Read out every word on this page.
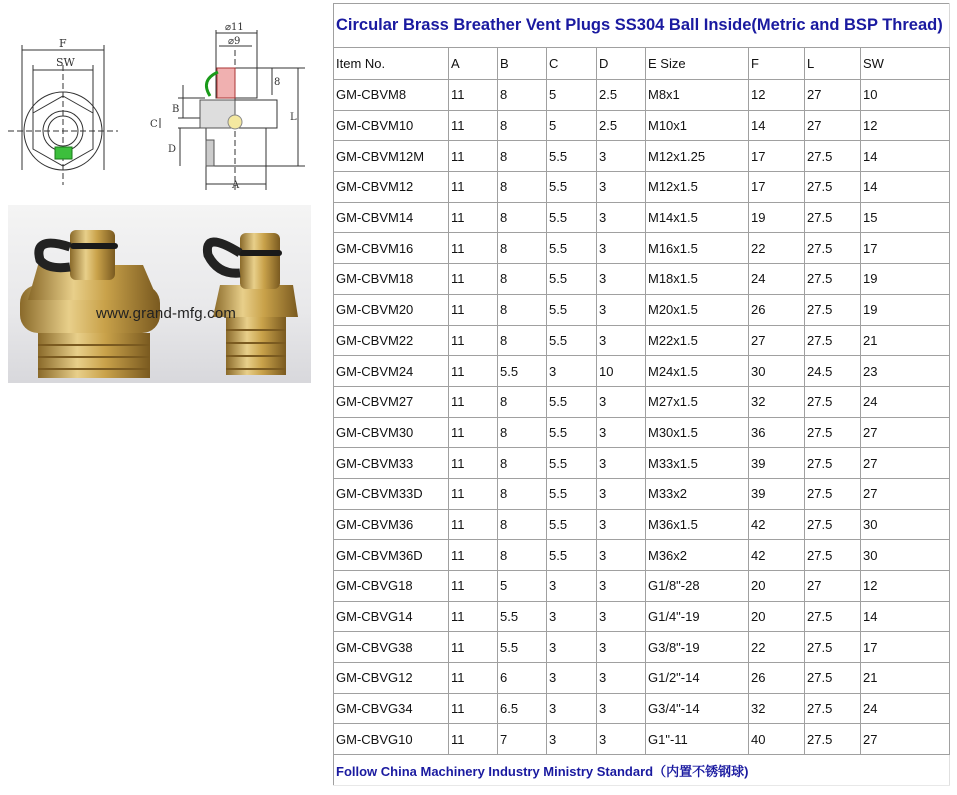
F
SW
⌀11
⌀9
8
B
C
D
L
A
www.grand-mfg.com
Circular Brass Breather Vent Plugs SS304 Ball Inside(Metric and BSP Thread)								
Item No.	A	B	C	D	E Size	F	L	SW
GM-CBVM8	11	8	5	2.5	M8x1	12	27	10
GM-CBVM10	11	8	5	2.5	M10x1	14	27	12
GM-CBVM12M	11	8	5.5	3	M12x1.25	17	27.5	14
GM-CBVM12	11	8	5.5	3	M12x1.5	17	27.5	14
GM-CBVM14	11	8	5.5	3	M14x1.5	19	27.5	15
GM-CBVM16	11	8	5.5	3	M16x1.5	22	27.5	17
GM-CBVM18	11	8	5.5	3	M18x1.5	24	27.5	19
GM-CBVM20	11	8	5.5	3	M20x1.5	26	27.5	19
GM-CBVM22	11	8	5.5	3	M22x1.5	27	27.5	21
GM-CBVM24	11	5.5	3	10	M24x1.5	30	24.5	23
GM-CBVM27	11	8	5.5	3	M27x1.5	32	27.5	24
GM-CBVM30	11	8	5.5	3	M30x1.5	36	27.5	27
GM-CBVM33	11	8	5.5	3	M33x1.5	39	27.5	27
GM-CBVM33D	11	8	5.5	3	M33x2	39	27.5	27
GM-CBVM36	11	8	5.5	3	M36x1.5	42	27.5	30
GM-CBVM36D	11	8	5.5	3	M36x2	42	27.5	30
GM-CBVG18	11	5	3	3	G1/8"-28	20	27	12
GM-CBVG14	11	5.5	3	3	G1/4"-19	20	27.5	14
GM-CBVG38	11	5.5	3	3	G3/8"-19	22	27.5	17
GM-CBVG12	11	6	3	3	G1/2"-14	26	27.5	21
GM-CBVG34	11	6.5	3	3	G3/4"-14	32	27.5	24
GM-CBVG10	11	7	3	3	G1"-11	40	27.5	27
Follow China Machinery Industry Ministry Standard（内置不锈钢球)								
